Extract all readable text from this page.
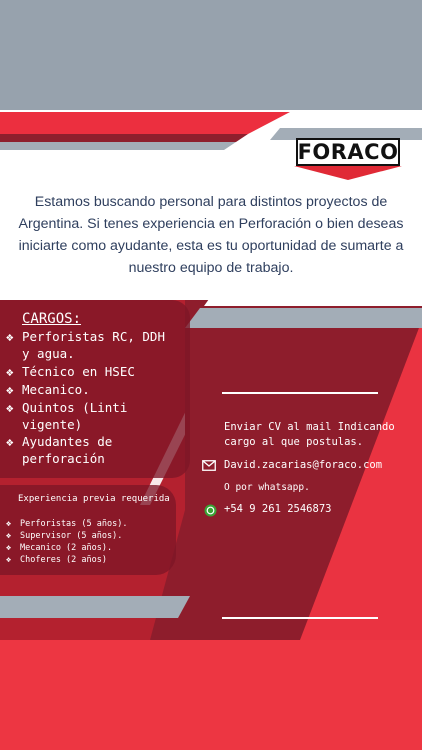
FORACO
Estamos buscando personal para distintos proyectos de Argentina. Si tenes experiencia en Perforación o bien deseas iniciarte como ayudante, esta es tu oportunidad de sumarte a nuestro equipo de trabajo.
CARGOS:
❖ Perforistas RC, DDH
y agua.
❖ Técnico en HSEC
❖ Mecanico.
❖ Quintos (Linti
vigente)
❖ Ayudantes de
perforación
Experiencia previa requerida
❖	Perforistas (5 años).
❖	Supervisor (5 años).
❖	Mecanico (2 años).
❖	Choferes (2 años)
Enviar CV al mail Indicando
cargo al que postulas.
David.zacarias@foraco.com
O por whatsapp.
+54 9 261 2546873
